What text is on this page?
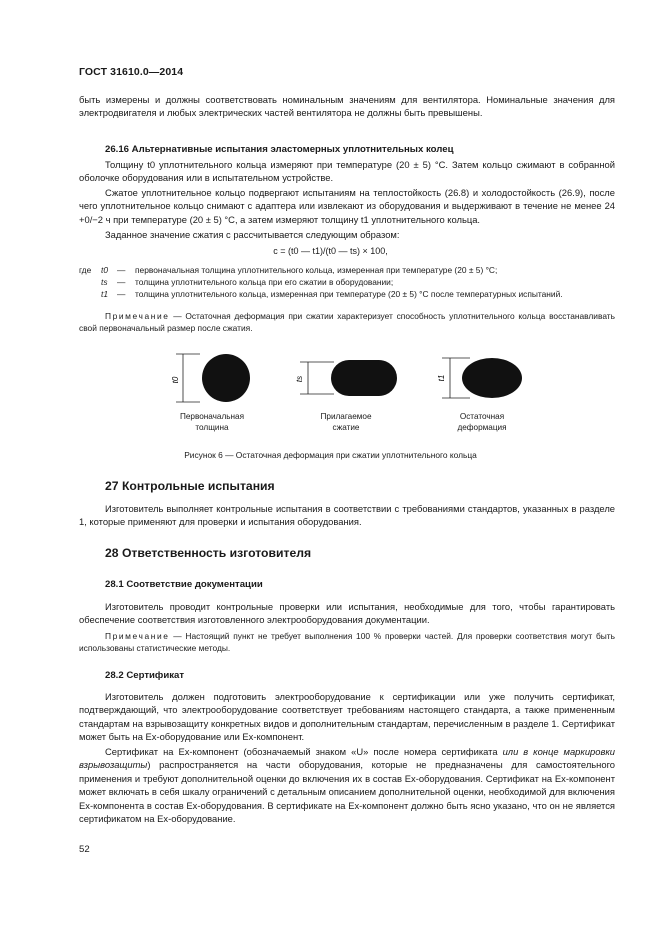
ГОСТ 31610.0—2014
быть измерены и должны соответствовать номинальным значениям для вентилятора. Номинальные значения для электродвигателя и любых электрических частей вентилятора не должны быть превышены.
26.16 Альтернативные испытания эластомерных уплотнительных колец
Толщину t0 уплотнительного кольца измеряют при температуре (20 ± 5) °С. Затем кольцо сжимают в собранной оболочке оборудования или в испытательном устройстве.
Сжатое уплотнительное кольцо подвергают испытаниям на теплостойкость (26.8) и холодостойкость (26.9), после чего уплотнительное кольцо снимают с адаптера или извлекают из оборудования и выдерживают в течение не менее 24 +0/−2 ч при температуре (20 ± 5) °С, а затем измеряют толщину t1 уплотнительного кольца.
Заданное значение сжатия с рассчитывается следующим образом:
c = (t0 — t1)/(t0 — ts) × 100,
где t0 — первоначальная толщина уплотнительного кольца, измеренная при температуре (20 ± 5) °С;
ts — толщина уплотнительного кольца при его сжатии в оборудовании;
t1 — толщина уплотнительного кольца, измеренная при температуре (20 ± 5) °С после температурных испытаний.
Примечание — Остаточная деформация при сжатии характеризует способность уплотнительного кольца восстанавливать свой первоначальный размер после сжатия.
t0	ts	t1
Первоначальная
толщина
Прилагаемое
сжатие
Остаточная
деформация
Рисунок 6 — Остаточная деформация при сжатии уплотнительного кольца
27 Контрольные испытания
Изготовитель выполняет контрольные испытания в соответствии с требованиями стандартов, указанных в разделе 1, которые применяют для проверки и испытания оборудования.
28 Ответственность изготовителя
28.1 Соответствие документации
Изготовитель проводит контрольные проверки или испытания, необходимые для того, чтобы гарантировать обеспечение соответствия изготовленного электрооборудования документации.
Примечание — Настоящий пункт не требует выполнения 100 % проверки частей. Для проверки соответствия могут быть использованы статистические методы.
28.2 Сертификат
Изготовитель должен подготовить электрооборудование к сертификации или уже получить сертификат, подтверждающий, что электрооборудование соответствует требованиям настоящего стандарта, а также примененным стандартам на взрывозащиту конкретных видов и дополнительным стандартам, перечисленным в разделе 1. Сертификат может быть на Ех-оборудование или Ех-компонент.
Сертификат на Ех-компонент (обозначаемый знаком «U» после номера сертификата или в конце маркировки взрывозащиты) распространяется на части оборудования, которые не предназначены для самостоятельного применения и требуют дополнительной оценки до включения их в состав Ех-оборудования. Сертификат на Ех-компонент может включать в себя шкалу ограничений с детальным описанием дополнительной оценки, необходимой для включения Ех-компонента в состав Ех-оборудования. В сертификате на Ех-компонент должно быть ясно указано, что он не является сертификатом на Ех-оборудование.
52
